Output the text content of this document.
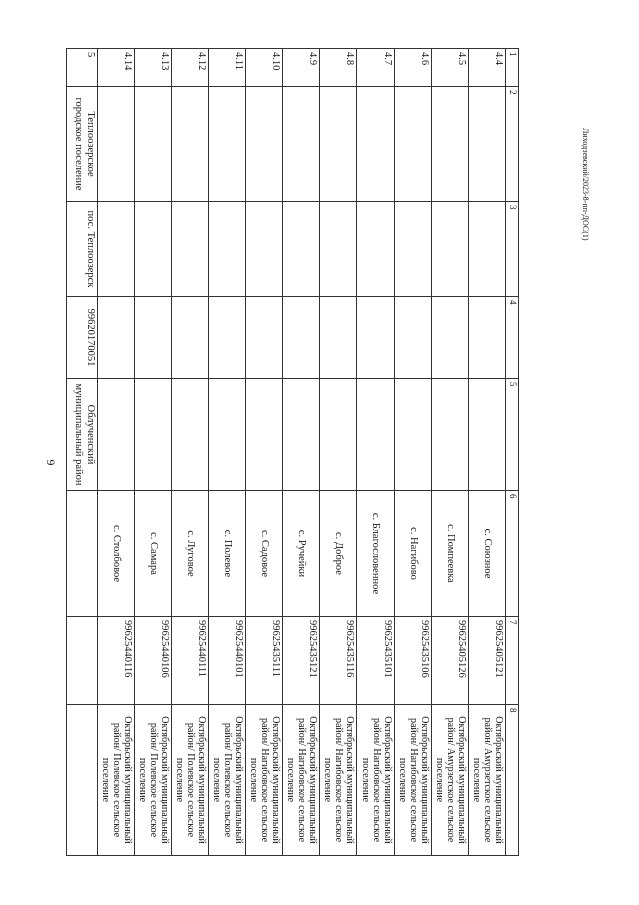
6
Лиходзевский/2023-8-пп-ДОС(1)
1	2	3	4	5	6	7	8
4.4					с. Союзное	99625405121	Октябрьский муниципальный район/ Амурзетское сельское поселение
4.5					с. Помпеевка	99625405126	Октябрьский муниципальный район/ Амурзетское сельское поселение
4.6					с. Нагибово	99625435106	Октябрьский муниципальный район/ Нагибовское сельское поселение
4.7					с. Благословенное	99625435101	Октябрьский муниципальный район/ Нагибовское сельское поселение
4.8					с. Доброе	99625435116	Октябрьский муниципальный район/ Нагибовское сельское поселение
4.9					с. Ручейки	99625435121	Октябрьский муниципальный район/ Нагибовское сельское поселение
4.10					с. Садовое	99625435111	Октябрьский муниципальный район/ Нагибовское сельское поселение
4.11					с. Полевое	99625440101	Октябрьский муниципальный район/ Полевское сельское поселение
4.12					с. Луговое	99625440111	Октябрьский муниципальный район/ Полевское сельское поселение
4.13					с. Самара	99625440106	Октябрьский муниципальный район/ Полевское сельское поселение
4.14					с. Столбовое	99625440116	Октябрьский муниципальный район/ Полевское сельское поселение
5	Теплоозерское городское поселение	пос. Теплоозерск	99620170051	Облученский муниципальный район			
